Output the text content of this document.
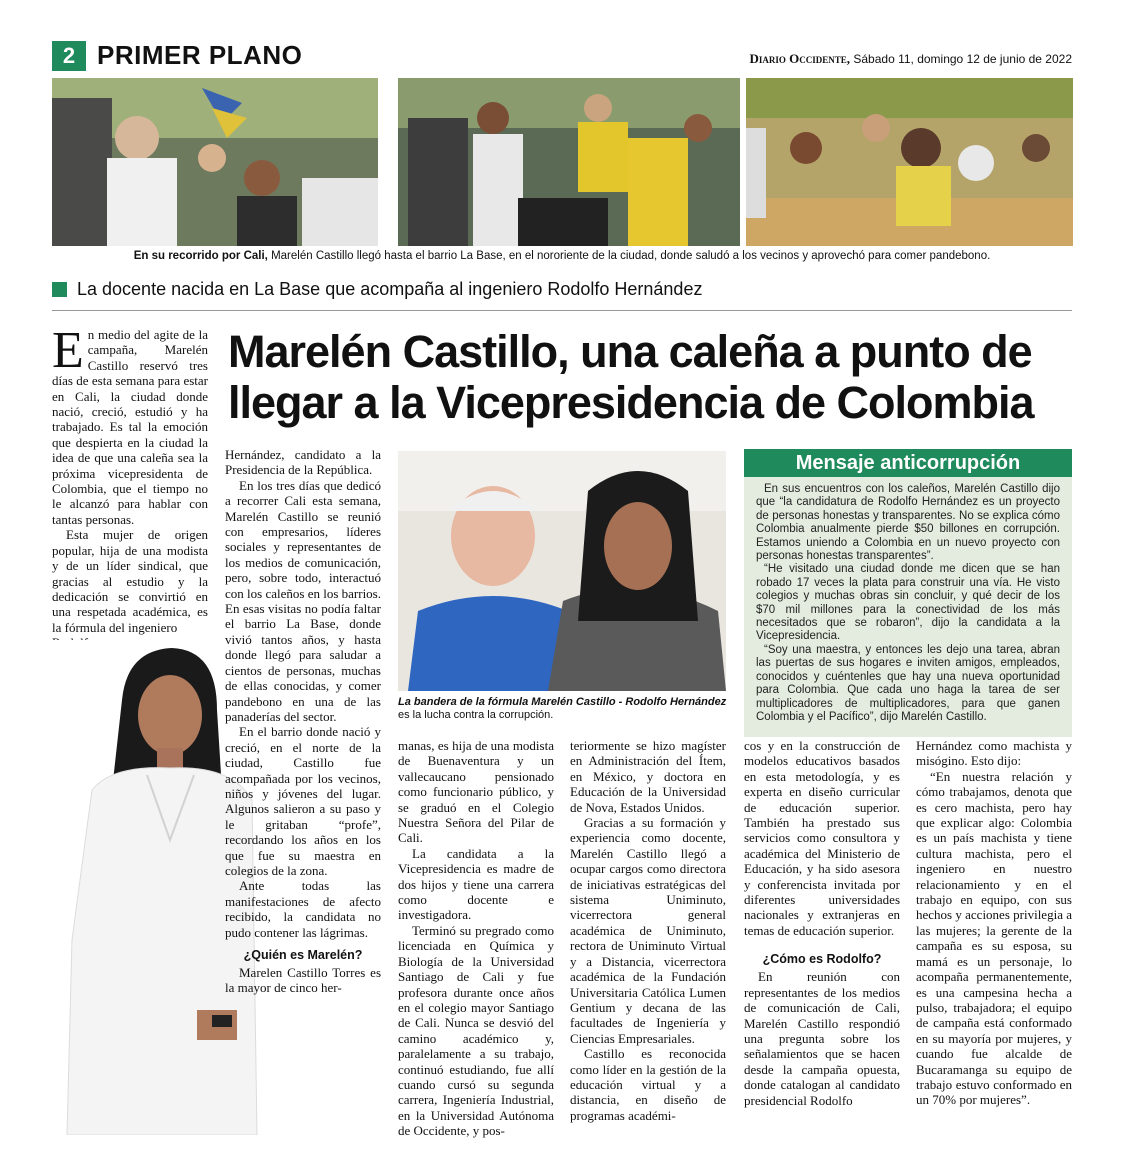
2 PRIMER PLANO	Diario Occidente, Sábado 11, domingo 12 de junio de 2022
En su recorrido por Cali, Marelén Castillo llegó hasta el barrio La Base, en el nororiente de la ciudad, donde saludó a los vecinos y aprovechó para comer pandebono.
La docente nacida en La Base que acompaña al ingeniero Rodolfo Hernández
Marelén Castillo, una caleña a punto de
llegar a la Vicepresidencia de Colombia

En medio del agite de la campaña, Marelén Castillo reservó tres días de esta semana para estar en Cali, la ciudad donde nació, creció, estudió y ha trabajado. Es tal la emoción que despierta en la ciudad la idea de que una caleña sea la próxima vicepresidenta de Colombia, que el tiempo no le alcanzó para hablar con tantas personas.

Esta mujer de origen popular, hija de una modista y de un líder sindical, que gracias al estudio y la dedicación se convirtió en una respetada académica, es la fórmula del ingeniero

Hernández, candidato a la Presidencia de la República.

En los tres días que dedicó a recorrer Cali esta semana, Marelén Castillo se reunió con empresarios, líderes sociales y representantes de los medios de comunicación, pero, sobre todo, interactuó con los caleños en los barrios. En esas visitas no podía faltar el barrio La Base, donde vivió tantos años, y hasta donde llegó para saludar a cientos de personas, muchas de ellas conocidas, y comer pandebono en una de las panaderías del sector.

En el barrio donde nació y creció, en el norte de la ciudad, Castillo fue acompañada por los vecinos, niños y jóvenes del lugar. Algunos salieron a su paso y le gritaban “profe”, recordando los años en los que fue su maestra en colegios de la zona.

Ante todas las manifestaciones de afecto recibido, la candidata no pudo contener las lágrimas.

¿Quién es Marelén?

Marelen Castillo Torres es la mayor de cinco her-

La bandera de la fórmula Marelén Castillo - Rodolfo Hernández
es la lucha contra la corrupción.

manas, es hija de una modista de Buenaventura y un vallecaucano pensionado como funcionario público, y se graduó en el Colegio Nuestra Señora del Pilar de Cali.

La candidata a la Vicepresidencia es madre de dos hijos y tiene una carrera como docente e investigadora.

Terminó su pregrado como licenciada en Química y Biología de la Universidad Santiago de Cali y fue profesora durante once años en el colegio mayor Santiago de Cali. Nunca se desvió del camino académico y, paralelamente a su trabajo, continuó estudiando, fue allí cuando cursó su segunda carrera, Ingeniería Industrial, en la Universidad Autónoma de Occidente, y pos-

teriormente se hizo magíster en Administración del Ítem, en México, y doctora en Educación de la Universidad de Nova, Estados Unidos.

Gracias a su formación y experiencia como docente, Marelén Castillo llegó a ocupar cargos como directora de iniciativas estratégicas del sistema Uniminuto, vicerrectora general académica de Uniminuto, rectora de Uniminuto Virtual y a Distancia, vicerrectora académica de la Fundación Universitaria Católica Lumen Gentium y decana de las facultades de Ingeniería y Ciencias Empresariales.

Castillo es reconocida como líder en la gestión de la educación virtual y a distancia, en diseño de programas académi-

Mensaje anticorrupción

En sus encuentros con los caleños, Marelén Castillo dijo que “la candidatura de Rodolfo Hernández es un proyecto de personas honestas y transparentes. No se explica cómo Colombia anualmente pierde $50 billones en corrupción. Estamos uniendo a Colombia en un nuevo proyecto con personas honestas transparentes”.

“He visitado una ciudad donde me dicen que se han robado 17 veces la plata para construir una vía. He visto colegios y muchas obras sin concluir, y qué decir de los $70 mil millones para la conectividad de los más necesitados que se robaron”, dijo la candidata a la Vicepresidencia.

“Soy una maestra, y entonces les dejo una tarea, abran las puertas de sus hogares e inviten amigos, empleados, conocidos y cuéntenles que hay una nueva oportunidad para Colombia. Que cada uno haga la tarea de ser multiplicadores de multiplicadores, para que ganen Colombia y el Pacífico”, dijo Marelén Castillo.

cos y en la construcción de modelos educativos basados en esta metodología, y es experta en diseño curricular de educación superior. También ha prestado sus servicios como consultora y académica del Ministerio de Educación, y ha sido asesora y conferencista invitada por diferentes universidades nacionales y extranjeras en temas de educación superior.

¿Cómo es Rodolfo?

En reunión con representantes de los medios de comunicación de Cali, Marelén Castillo respondió una pregunta sobre los señalamientos que se hacen desde la campaña opuesta, donde catalogan al candidato presidencial Rodolfo

Hernández como machista y misógino. Esto dijo:

“En nuestra relación y cómo trabajamos, denota que es cero machista, pero hay que explicar algo: Colombia es un país machista y tiene cultura machista, pero el ingeniero en nuestro relacionamiento y en el trabajo en equipo, con sus hechos y acciones privilegia a las mujeres; la gerente de la campaña es su esposa, su mamá es un personaje, lo acompaña permanentemente, es una campesina hecha a pulso, trabajadora; el equipo de campaña está conformado en su mayoría por mujeres, y cuando fue alcalde de Bucaramanga su equipo de trabajo estuvo conformado en un 70% por mujeres”.
